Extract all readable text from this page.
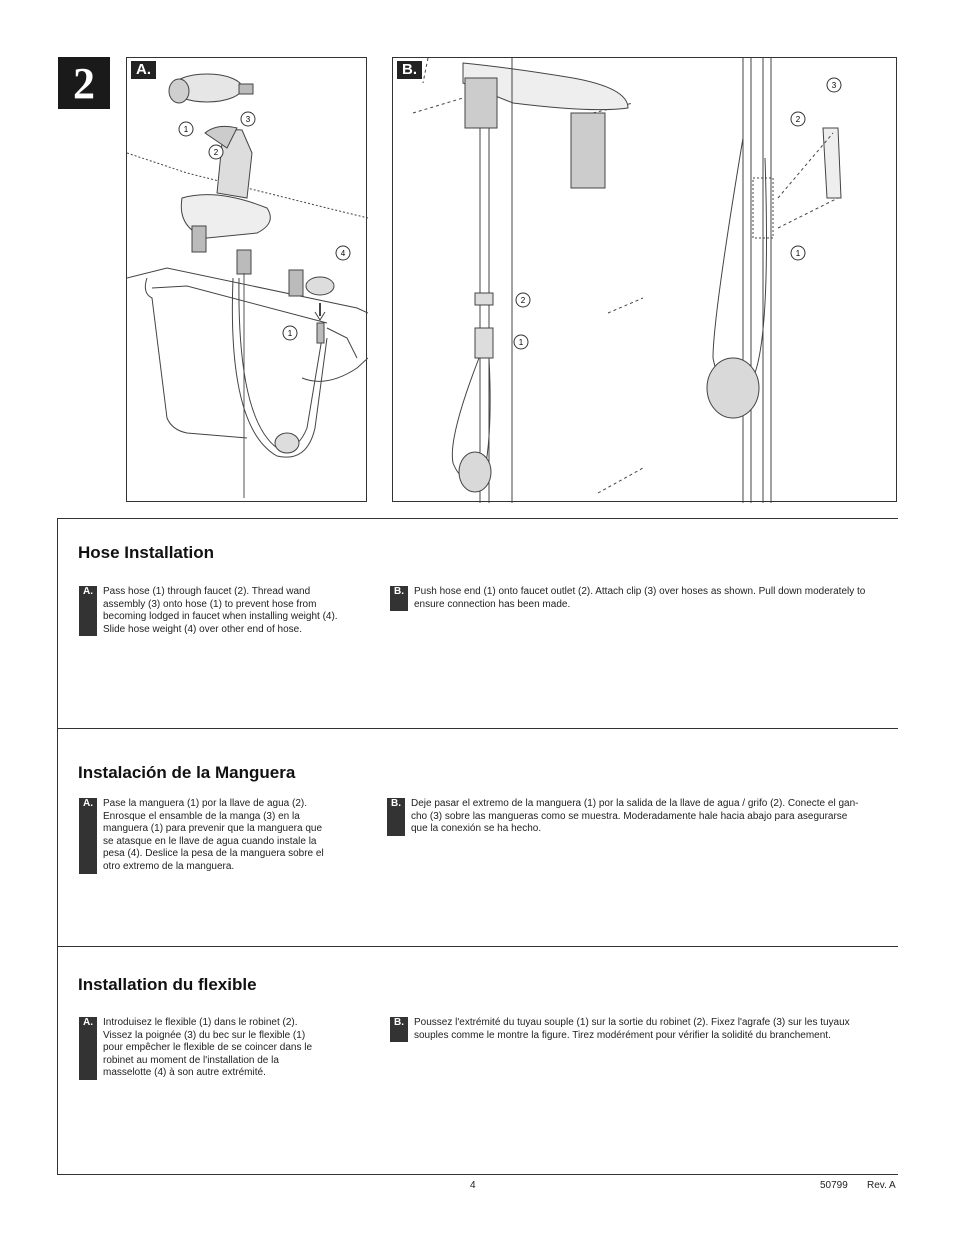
2
1
2
3
4
1
A.
2
1
3
2
1
B.
Hose Installation
A.	Pass hose (1) through faucet (2). Thread wand
assembly (3) onto hose (1) to prevent hose from
becoming lodged in faucet when installing weight (4).
Slide hose weight (4) over other end of hose.
B.	Push hose end (1) onto faucet outlet (2). Attach clip (3) over hoses as shown. Pull down moderately to
ensure connection has been made.
Instalación de la Manguera
A.	Pase la manguera (1) por la llave de agua (2).
Enrosque el ensamble de la manga (3) en la
manguera (1) para prevenir que la manguera que
se atasque en le llave de agua cuando instale la
pesa (4). Deslice la pesa de la manguera sobre el
otro extremo de la manguera.
B.	Deje pasar el extremo de la manguera (1) por la salida de la llave de agua / grifo (2). Conecte el gan-
cho (3) sobre las mangueras como se muestra. Moderadamente hale hacia abajo para asegurarse
que la conexión se ha hecho.
Installation du flexible
A.	Introduisez le flexible (1) dans le robinet (2).
Vissez la poignée (3) du bec sur le flexible (1)
pour empêcher le flexible de se coincer dans le
robinet au moment de l'installation de la
masselotte (4) à son autre extrémité.
B.	Poussez l'extrémité du tuyau souple (1) sur la sortie du robinet (2). Fixez l'agrafe (3) sur les tuyaux
souples comme le montre la figure. Tirez modérément pour vérifier la solidité du branchement.
4	50799 Rev. A
